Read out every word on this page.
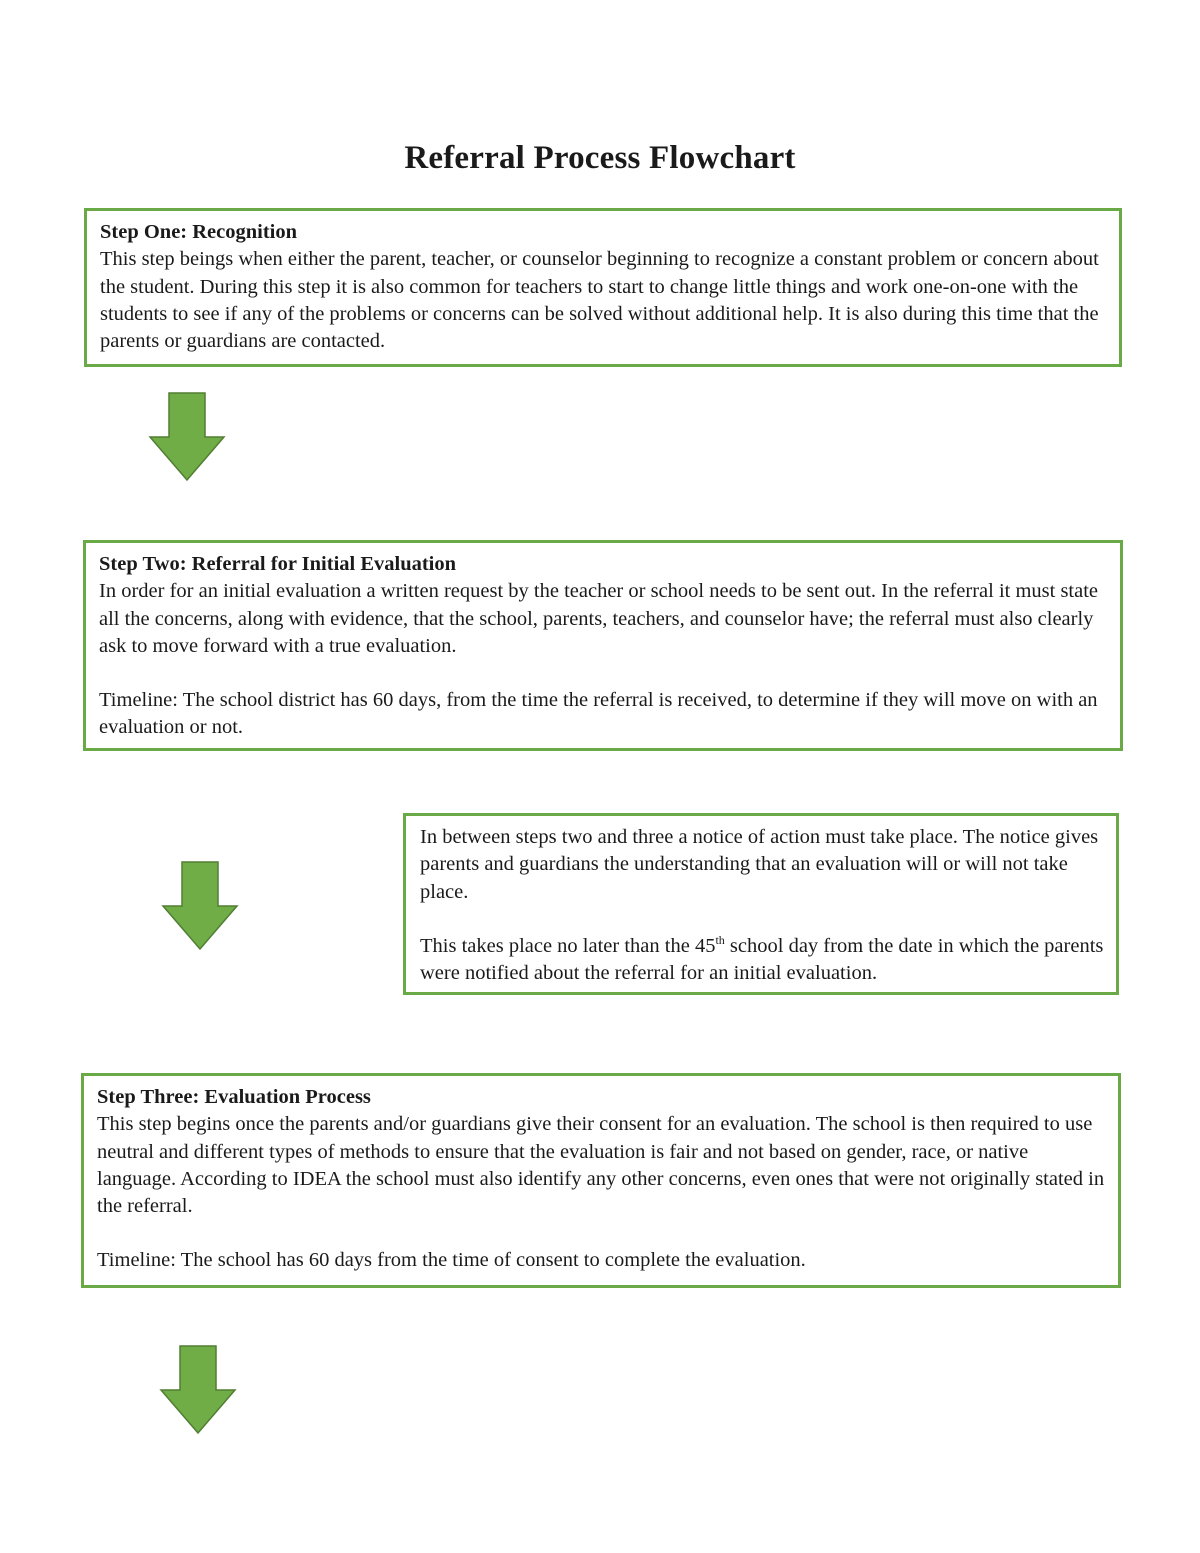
Referral Process Flowchart
Step One: Recognition

This step beings when either the parent, teacher, or counselor beginning to recognize a constant problem or concern about the student. During this step it is also common for teachers to start to change little things and work one-on-one with the students to see if any of the problems or concerns can be solved without additional help. It is also during this time that the parents or guardians are contacted.

Step Two: Referral for Initial Evaluation

In order for an initial evaluation a written request by the teacher or school needs to be sent out. In the referral it must state all the concerns, along with evidence, that the school, parents, teachers, and counselor have; the referral must also clearly ask to move forward with a true evaluation.

Timeline: The school district has 60 days, from the time the referral is received, to determine if they will move on with an evaluation or not.

In between steps two and three a notice of action must take place. The notice gives parents and guardians the understanding that an evaluation will or will not take place.

This takes place no later than the 45th school day from the date in which the parents were notified about the referral for an initial evaluation.

Step Three: Evaluation Process

This step begins once the parents and/or guardians give their consent for an evaluation. The school is then required to use neutral and different types of methods to ensure that the evaluation is fair and not based on gender, race, or native language. According to IDEA the school must also identify any other concerns, even ones that were not originally stated in the referral.

Timeline: The school has 60 days from the time of consent to complete the evaluation.
